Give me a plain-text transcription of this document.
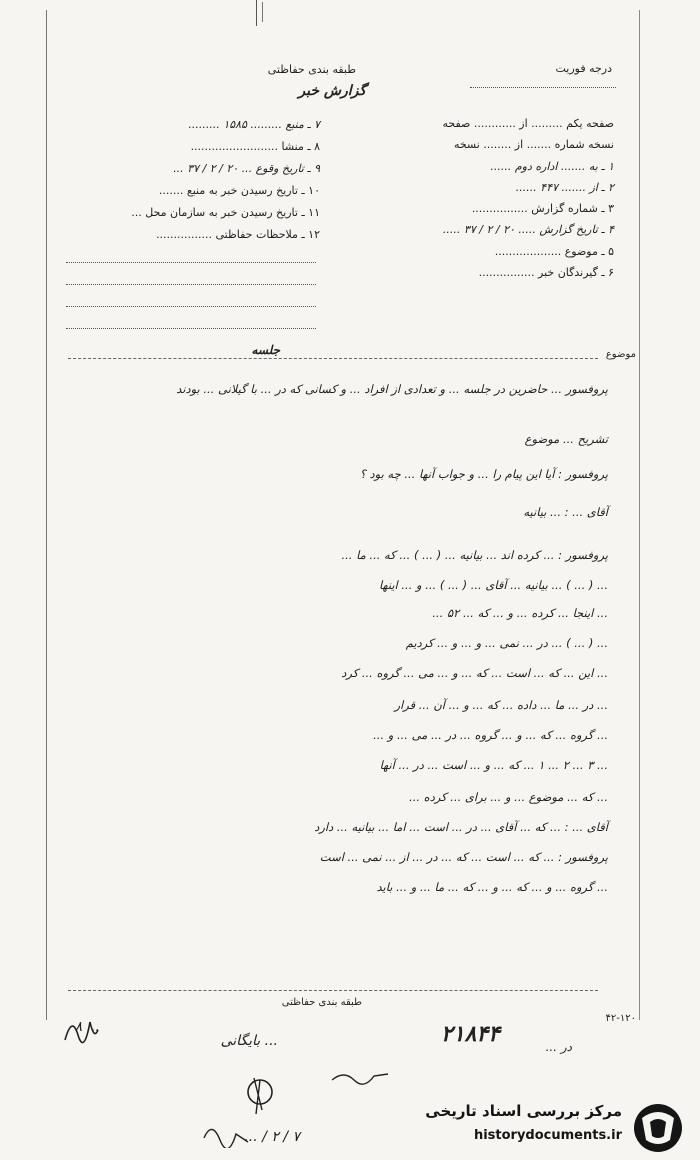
درجه فوریت
طبقه بندی حفاظتی
گزارش خبر
صفحه یکم ......... از ............ صفحه
نسخه شماره ....... از ........ نسخه
۱ ـ به ....... اداره دوم ......
۲ ـ از ....... ۴۴۷ ......
۳ ـ شماره گزارش ................
۴ ـ تاریخ گزارش ..... ۲۰ / ۲ / ۳۷ .....
۵ ـ موضوع ...................
۶ ـ گیرندگان خبر ................
۷ ـ منبع ......... ۱۵۸۵ .........
۸ ـ منشا .........................
۹ ـ تاریخ وقوع ... ۲۰ / ۲ / ۳۷ ...
۱۰ ـ تاریخ رسیدن خبر به منبع .......
۱۱ ـ تاریخ رسیدن خبر به سازمان محل ...
۱۲ ـ ملاحظات حفاظتی ................
موضوع
جلسه
پروفسور ... حاضرین در جلسه ... و تعدادی از افراد ... و کسانی که در ... با گیلانی ... بودند
تشریح ... موضوع
پروفسور : آیا این پیام را ... و جواب آنها ... چه بود ؟
آقای ... : ... بیانیه
پروفسور : ... کرده اند ... بیانیه ... ( ... ) ... که ... ما ...
... ( ... ) ... بیانیه ... آقای ... ( ... ) ... و ... اینها
... اینجا ... کرده ... و ... که ... ۵۲ ...
... ( ... ) ... در ... نمی ... و ... و ... کردیم
... این ... که ... است ... که ... و ... می ... گروه ... کرد
... در ... ما ... داده ... که ... و ... آن ... قرار
... گروه ... که ... و ... گروه ... در ... می ... و ...
... ۳ ... ۲ ... ۱ ... که ... و ... است ... در ... آنها
... که ... موضوع ... و ... برای ... کرده ...
آقای ... : ... که ... آقای ... در ... است ... اما ... بیانیه ... دارد
پروفسور : ... که ... است ... که ... در ... از ... نمی ... است
... گروه ... و ... که ... و ... که ... ما ... و ... باید
طبقه بندی حفاظتی
۴۲-۱۲۰
۲۱۸۴۴
... بایگانی	در ...
۷ / ۲ / ...
... ۸
مرکز بررسی اسناد تاریخی
historydocuments.ir
